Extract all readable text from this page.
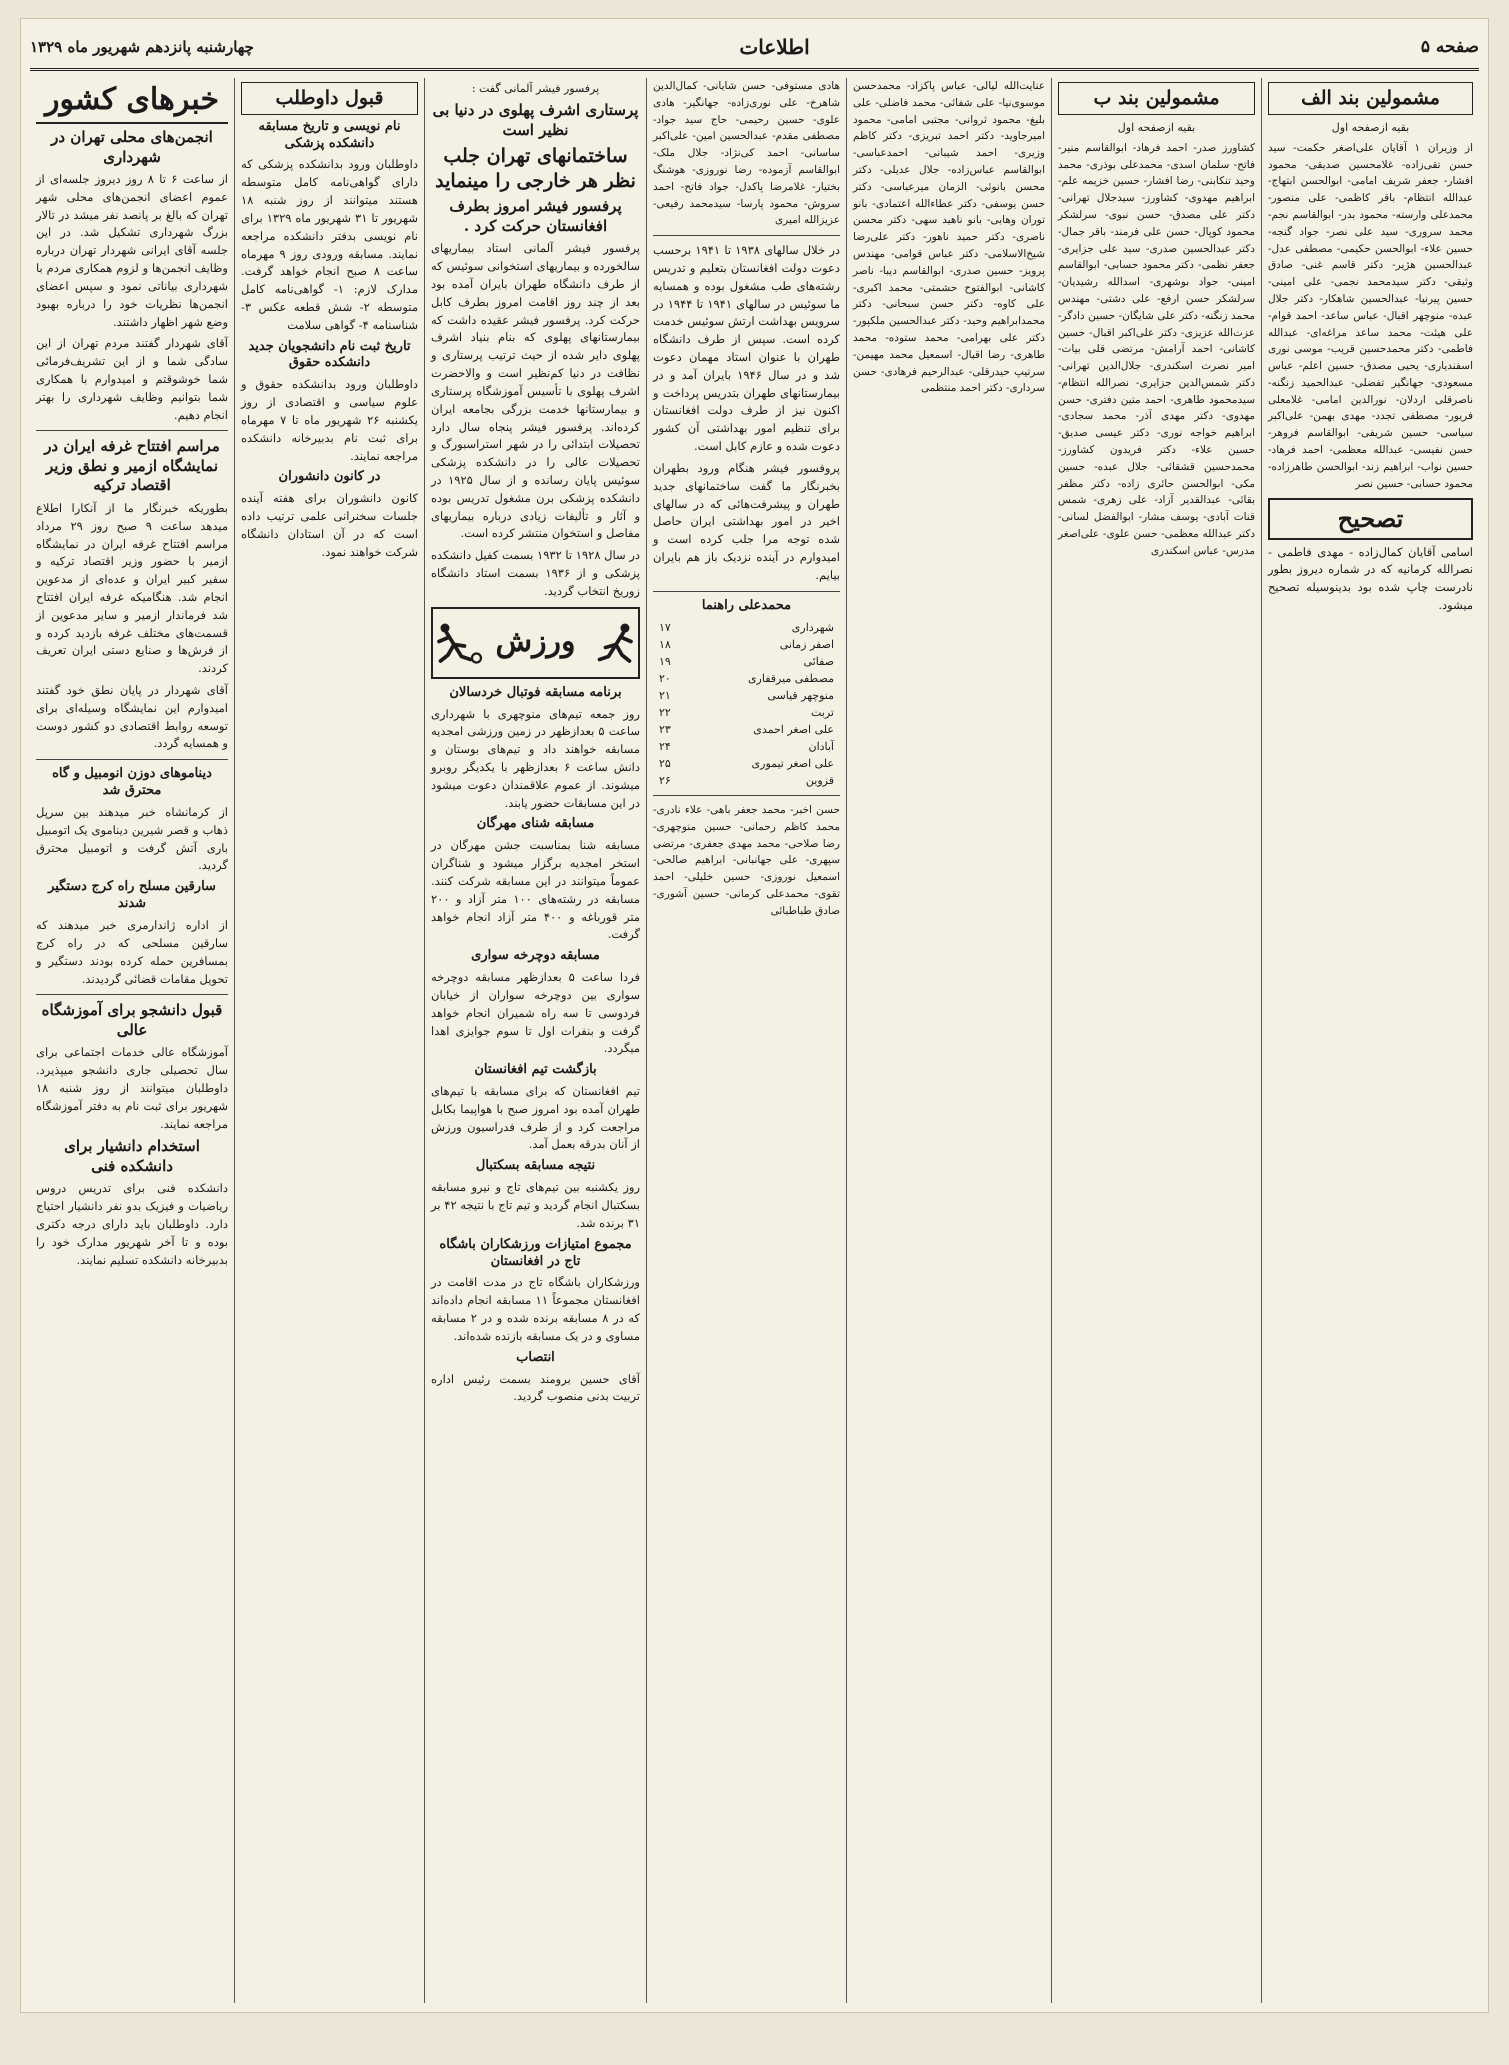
صفحه ۵
اطلاعات
چهارشنبه پانزدهم شهریور ماه ۱۳۲۹
مشمولین بند الف
بقیه ازصفحه اول

از وزیران ۱ آقایان علی‌اصغر حکمت- سید حسن تقی‌زاده- غلامحسین صدیقی- محمود افشار- جعفر شریف امامی- ابوالحسن ابتهاج- عبدالله انتظام- باقر کاظمی- علی منصور- محمدعلی وارسته- محمود بدر- ابوالقاسم نجم- محمد سروری- سید علی نصر- جواد گنجه- حسین علاء- ابوالحسن حکیمی- مصطفی عدل- عبدالحسین هژیر- دکتر قاسم غنی- صادق وثیقی- دکتر سیدمحمد نجمی- علی امینی- حسین پیرنیا- عبدالحسین شاهکار- دکتر جلال عبده- منوچهر اقبال- عباس ساعد- احمد قوام- علی هیئت- محمد ساعد مراغه‌ای- عبدالله فاطمی- دکتر محمدحسین قریب- موسی نوری اسفندیاری- یحیی مصدق- حسین اعلم- عباس مسعودی- جهانگیر تفضلی- عبدالحمید زنگنه- ناصرقلی اردلان- نورالدین امامی- غلامعلی فریور- مصطفی تجدد- مهدی بهمن- علی‌اکبر سیاسی- حسین شریفی- ابوالقاسم فروهر- حسن نفیسی- عبدالله معظمی- احمد فرهاد- حسین نواب- ابراهیم زند- ابوالحسن طاهرزاده- محمود حسابی- حسین نصر

تصحیح

اسامی آقایان کمال‌زاده - مهدی فاطمی - نصرالله کرمانیه که در شماره دیروز بطور نادرست چاپ شده بود بدینوسیله تصحیح میشود.

مشمولین بند ب
بقیه ازصفحه اول

کشاورز صدر- احمد فرهاد- ابوالقاسم منیر- فاتح- سلمان اسدی- محمدعلی بوذری- محمد وحید تنکابنی- رضا افشار- حسین خزیمه علم- ابراهیم مهدوی- کشاورز- سیدجلال تهرانی- دکتر علی مصدق- حسن نبوی- سرلشکر محمود کوپال- حسن علی فرمند- باقر جمال- دکتر عبدالحسین صدری- سید علی جزایری- جعفر نظمی- دکتر محمود حسابی- ابوالقاسم امینی- جواد بوشهری- اسدالله رشیدیان- سرلشکر حسن ارفع- علی دشتی- مهندس محمد زنگنه- دکتر علی شایگان- حسین دادگر- عزت‌الله عزیزی- دکتر علی‌اکبر اقبال- حسین کاشانی- احمد آرامش- مرتضی قلی بیات- امیر نصرت اسکندری- جلال‌الدین تهرانی- دکتر شمس‌الدین جزایری- نصرالله انتظام- سیدمحمود طاهری- احمد متین دفتری- حسن مهدوی- دکتر مهدی آذر- محمد سجادی- ابراهیم خواجه نوری- دکتر عیسی صدیق- حسین علاء- دکتر فریدون کشاورز- محمدحسین قشقائی- جلال عبده- حسین مکی- ابوالحسن حائری زاده- دکتر مظفر بقائی- عبدالقدیر آزاد- علی زهری- شمس قنات آبادی- یوسف مشار- ابوالفضل لسانی- دکتر عبدالله معظمی- حسن علوی- علی‌اصغر مدرس- عباس اسکندری

عنایت‌الله لیالی- عباس پاکزاد- محمدحسن موسوی‌نیا- علی شفائی- محمد فاضلی- علی بلیغ- محمود ثروانی- مجتبی امامی- محمود امیرجاوید- دکتر احمد تبریزی- دکتر کاظم وزیری- احمد شیبانی- احمدعباسی- ابوالقاسم عباس‌زاده- جلال عدیلی- دکتر محسن بانوئی- الزمان میرعباسی- دکتر حسن یوسفی- دکتر عطاءالله اعتمادی- بانو توران وهابی- بانو ناهید سهی- دکتر محسن ناصری- دکتر حمید ناهور- دکتر علی‌رضا شیخ‌الاسلامی- دکتر عباس قوامی- مهندس پرویز- حسین صدری- ابوالقاسم دیبا- ناصر کاشانی- ابوالفتوح حشمتی- محمد اکبری- علی کاوه- دکتر حسن سبحانی- دکتر محمدابراهیم وحید- دکتر عبدالحسین ملکپور- دکتر علی بهرامی- محمد ستوده- محمد طاهری- رضا اقبال- اسمعیل محمد مهیمن- سرتیپ حیدرقلی- عبدالرحیم فرهادی- حسن سرداری- دکتر احمد منتظمی

هادی مستوفی- حسن شایانی- کمال‌الدین شاهرخ- علی نوری‌زاده- جهانگیر- هادی علوی- حسین رحیمی- حاج سید جواد- مصطفی مقدم- عبدالحسین امین- علی‌اکبر ساسانی- احمد کی‌نژاد- جلال ملک- ابوالقاسم آزموده- رضا نوروزی- هوشنگ بختیار- غلامرضا پاکدل- جواد فاتح- احمد سروش- محمود پارسا- سیدمحمد رفیعی- عزیزالله امیری

در خلال سالهای ۱۹۳۸ تا ۱۹۴۱ برحسب دعوت دولت افغانستان بتعلیم و تدریس رشته‌های طب مشغول بوده و همسایه ما سوئیس در سالهای ۱۹۴۱ تا ۱۹۴۴ در سرویس بهداشت ارتش سوئیس خدمت کرده است. سپس از طرف دانشگاه طهران با عنوان استاد مهمان دعوت شد و در سال ۱۹۴۶ بایران آمد و در بیمارستانهای طهران بتدریس پرداخت و اکنون نیز از طرف دولت افغانستان برای تنظیم امور بهداشتی آن کشور دعوت شده و عازم کابل است.

پروفسور فیشر هنگام ورود بطهران بخبرنگار ما گفت ساختمانهای جدید طهران و پیشرفت‌هائی که در سالهای اخیر در امور بهداشتی ایران حاصل شده توجه مرا جلب کرده است و امیدوارم در آینده نزدیک باز هم بایران بیایم.

محمدعلی راهنما
شهرداری
۱۷
اصفر زمانی
۱۸
صفائی
۱۹
مصطفی میرقفاری
۲۰
منوچهر قیاسی
۲۱
تربت
۲۲
علی اصغر احمدی
۲۳
آبادان
۲۴
علی اصغر تیموری
۲۵
قزوین
۲۶

حسن اخبر- محمد جعفر باهی- علاء نادری- محمد کاظم رحمانی- حسین منوچهری- رضا صلاحی- محمد مهدی جعفری- مرتضی سپهری- علی جهانبانی- ابراهیم صالحی- اسمعیل نوروزی- حسین خلیلی- احمد تقوی- محمدعلی کرمانی- حسین آشوری- صادق طباطبائی

پرفسور فیشر آلمانی گفت :
پرستاری اشرف پهلوی در دنیا بی نظیر است
ساختمانهای تهران جلب نظر هر خارجی را مینماید
پرفسور فیشر امروز بطرف افغانستان حرکت کرد .

پرفسور فیشر آلمانی استاد بیماریهای سالخورده و بیماریهای استخوانی سوئیس که از طرف دانشگاه طهران بایران آمده بود بعد از چند روز اقامت امروز بطرف کابل حرکت کرد. پرفسور فیشر عقیده داشت که بیمارستانهای پهلوی که بنام بنیاد اشرف پهلوی دایر شده از حیث ترتیب پرستاری و نظافت در دنیا کم‌نظیر است و والاحضرت اشرف پهلوی با تأسیس آموزشگاه پرستاری و بیمارستانها خدمت بزرگی بجامعه ایران کرده‌اند. پرفسور فیشر پنجاه سال دارد تحصیلات ابتدائی را در شهر استراسبورگ و تحصیلات عالی را در دانشکده پزشکی سوئیس پایان رسانده و از سال ۱۹۲۵ در دانشکده پزشکی برن مشغول تدریس بوده و آثار و تألیفات زیادی درباره بیماریهای مفاصل و استخوان منتشر کرده است.

در سال ۱۹۲۸ تا ۱۹۳۲ بسمت کفیل دانشکده پزشکی و از ۱۹۳۶ بسمت استاد دانشگاه زوریخ انتخاب گردید.

ورزش
برنامه مسابقه فوتبال خردسالان

روز جمعه تیم‌های منوچهری با شهرداری ساعت ۵ بعدازظهر در زمین ورزشی امجدیه مسابقه خواهند داد و تیم‌های بوستان و دانش ساعت ۶ بعدازظهر با یکدیگر روبرو میشوند. از عموم علاقمندان دعوت میشود در این مسابقات حضور یابند.

مسابقه شنای مهرگان

مسابقه شنا بمناسبت جشن مهرگان در استخر امجدیه برگزار میشود و شناگران عموماً میتوانند در این مسابقه شرکت کنند. مسابقه در رشته‌های ۱۰۰ متر آزاد و ۲۰۰ متر قورباغه و ۴۰۰ متر آزاد انجام خواهد گرفت.

مسابقه دوچرخه سواری

فردا ساعت ۵ بعدازظهر مسابقه دوچرخه سواری بین دوچرخه سواران از خیابان فردوسی تا سه راه شمیران انجام خواهد گرفت و بنفرات اول تا سوم جوایزی اهدا میگردد.

بازگشت تیم افغانستان

تیم افغانستان که برای مسابقه با تیم‌های طهران آمده بود امروز صبح با هواپیما بکابل مراجعت کرد و از طرف فدراسیون ورزش از آنان بدرقه بعمل آمد.

نتیجه مسابقه بسکتبال

روز یکشنبه بین تیم‌های تاج و نیرو مسابقه بسکتبال انجام گردید و تیم تاج با نتیجه ۴۲ بر ۳۱ برنده شد.

مجموع امتیازات ورزشکاران باشگاه تاج در افغانستان

ورزشکاران باشگاه تاج در مدت اقامت در افغانستان مجموعاً ۱۱ مسابقه انجام داده‌اند که در ۸ مسابقه برنده شده و در ۲ مسابقه مساوی و در یک مسابقه بازنده شده‌اند.

انتصاب

آقای حسین برومند بسمت رئیس اداره تربیت بدنی منصوب گردید.

قبول داوطلب
نام نویسی و تاریخ مسابقه دانشکده پزشکی

داوطلبان ورود بدانشکده پزشکی که دارای گواهی‌نامه کامل متوسطه هستند میتوانند از روز شنبه ۱۸ شهریور تا ۳۱ شهریور ماه ۱۳۲۹ برای نام نویسی بدفتر دانشکده مراجعه نمایند. مسابقه ورودی روز ۹ مهرماه ساعت ۸ صبح انجام خواهد گرفت. مدارک لازم: ۱- گواهی‌نامه کامل متوسطه ۲- شش قطعه عکس ۳- شناسنامه ۴- گواهی سلامت

تاریخ ثبت نام دانشجویان جدید دانشکده حقوق

داوطلبان ورود بدانشکده حقوق و علوم سیاسی و اقتصادی از روز یکشنبه ۲۶ شهریور ماه تا ۷ مهرماه برای ثبت نام بدبیرخانه دانشکده مراجعه نمایند.

در کانون دانشوران

کانون دانشوران برای هفته آینده جلسات سخنرانی علمی ترتیب داده است که در آن استادان دانشگاه شرکت خواهند نمود.

خبرهای کشور
انجمن‌های محلی تهران در شهرداری

از ساعت ۶ تا ۸ روز دیروز جلسه‌ای از عموم اعضای انجمن‌های محلی شهر تهران که بالغ بر پانصد نفر میشد در تالار بزرگ شهرداری تشکیل شد. در این جلسه آقای ایرانی شهردار تهران درباره وظایف انجمن‌ها و لزوم همکاری مردم با شهرداری بیاناتی نمود و سپس اعضای انجمن‌ها نظریات خود را درباره بهبود وضع شهر اظهار داشتند.

آقای شهردار گفتند مردم تهران از این سادگی شما و از این تشریف‌فرمائی شما خوشوقتم و امیدوارم با همکاری شما بتوانیم وظایف شهرداری را بهتر انجام دهیم.

مراسم افتتاح غرفه ایران در نمایشگاه ازمیر و نطق وزیر اقتصاد ترکیه

بطوریکه خبرنگار ما از آنکارا اطلاع میدهد ساعت ۹ صبح روز ۲۹ مرداد مراسم افتتاح غرفه ایران در نمایشگاه ازمیر با حضور وزیر اقتصاد ترکیه و سفیر کبیر ایران و عده‌ای از مدعوین انجام شد. هنگامیکه غرفه ایران افتتاح شد فرماندار ازمیر و سایر مدعوین از قسمت‌های مختلف غرفه بازدید کرده و از فرش‌ها و صنایع دستی ایران تعریف کردند.

آقای شهردار در پایان نطق خود گفتند امیدوارم این نمایشگاه وسیله‌ای برای توسعه روابط اقتصادی دو کشور دوست و همسایه گردد.

دیناموهای دوزن انومبیل و گاه محترق شد

از کرمانشاه خبر میدهند بین سرپل ذهاب و قصر شیرین دیناموی یک اتومبیل باری آتش گرفت و اتومبیل محترق گردید.

سارقین مسلح راه کرج دستگیر شدند

از اداره ژاندارمری خبر میدهند که سارقین مسلحی که در راه کرج بمسافرین حمله کرده بودند دستگیر و تحویل مقامات قضائی گردیدند.

قبول دانشجو برای آموزشگاه عالی

آموزشگاه عالی خدمات اجتماعی برای سال تحصیلی جاری دانشجو میپذیرد. داوطلبان میتوانند از روز شنبه ۱۸ شهریور برای ثبت نام به دفتر آموزشگاه مراجعه نمایند.

استخدام دانشیار برای دانشکده فنی

دانشکده فنی برای تدریس دروس ریاضیات و فیزیک بدو نفر دانشیار احتیاج دارد. داوطلبان باید دارای درجه دکتری بوده و تا آخر شهریور مدارک خود را بدبیرخانه دانشکده تسلیم نمایند.
